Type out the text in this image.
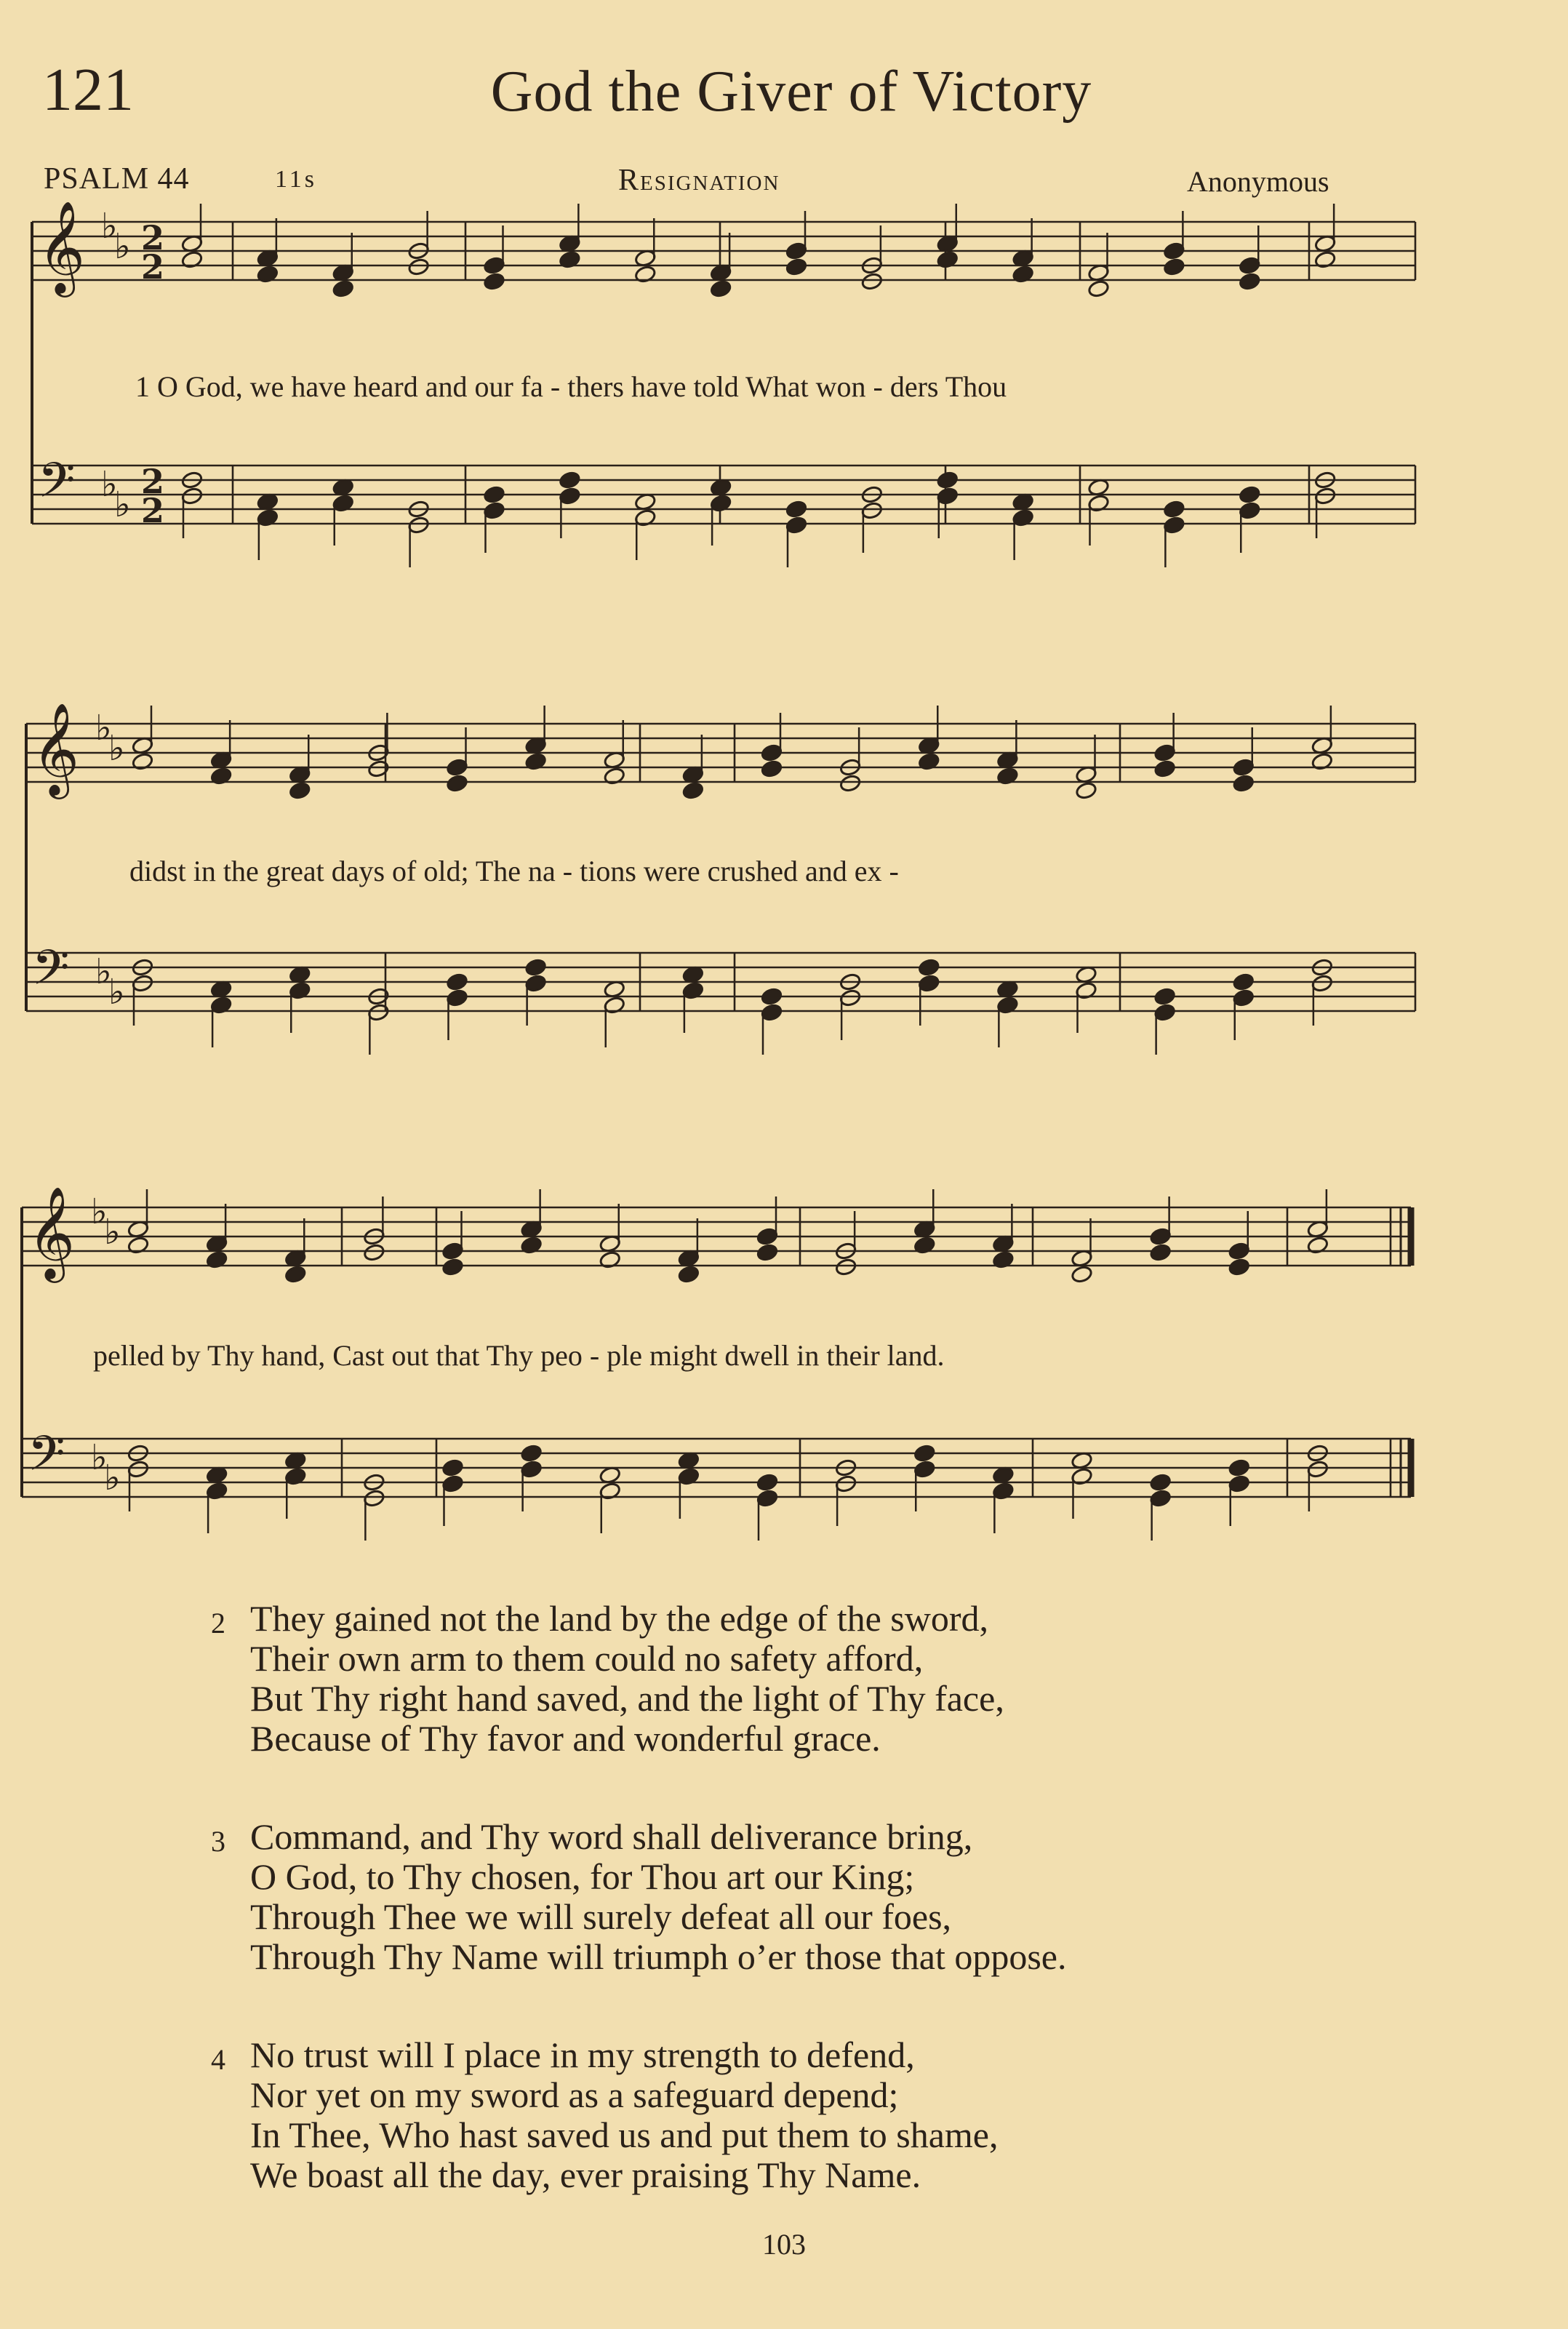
121	God the Giver of Victory
PSALM 44	11s	Resignation	Anonymous
𝄞
𝄢
♭
♭
♭
♭
2
2
2
2
𝄞
𝄢
♭
♭
♭
♭
𝄞
𝄢
♭
♭
♭
♭
1 O God, we have heard and our fa - thers have told What won - ders Thou
didst in the great days of old; The na - tions were crushed and ex -
pelled by Thy hand, Cast out that Thy peo - ple might dwell in their land.
2 They gained not the land by the edge of the sword,
Their own arm to them could no safety afford,
But Thy right hand saved, and the light of Thy face,
Because of Thy favor and wonderful grace.
3 Command, and Thy word shall deliverance bring,
O God, to Thy chosen, for Thou art our King;
Through Thee we will surely defeat all our foes,
Through Thy Name will triumph o’er those that oppose.
4 No trust will I place in my strength to defend,
Nor yet on my sword as a safeguard depend;
In Thee, Who hast saved us and put them to shame,
We boast all the day, ever praising Thy Name.
103
